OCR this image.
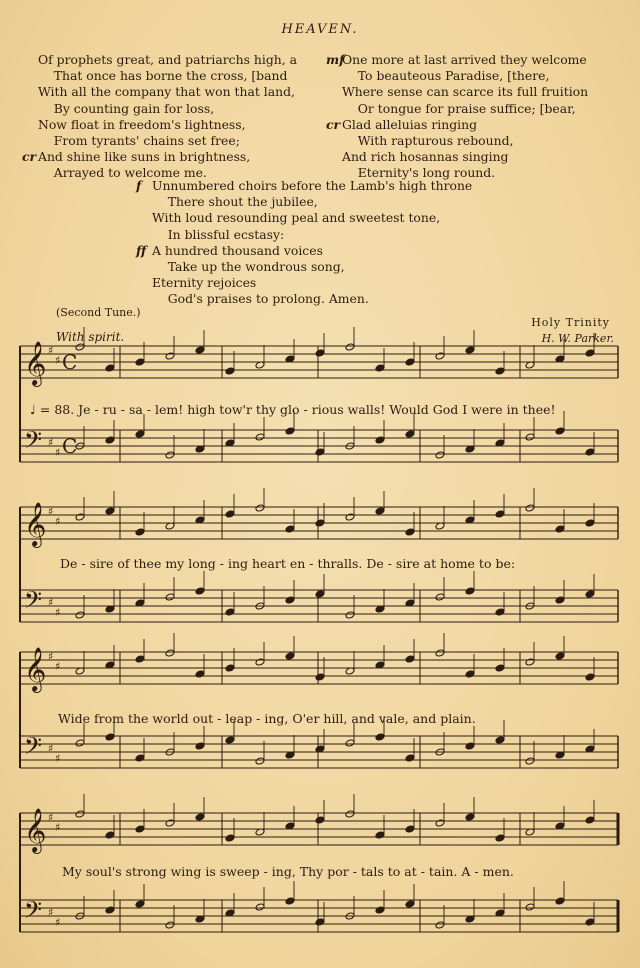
HEAVEN.
Of prophets great, and patriarchs high, a
That once has borne the cross, [band
With all the company that won that land,
By counting gain for loss,
Now float in freedom's lightness,
From tyrants' chains set free;
cr And shine like suns in brightness,
Arrayed to welcome me.
mfOne more at last arrived they welcome
To beauteous Paradise, [there,
Where sense can scarce its full fruition
Or tongue for praise suffice; [bear,
cr Glad alleluias ringing
With rapturous rebound,
And rich hosannas singing
Eternity's long round.
f Unnumbered choirs before the Lamb's high throne
There shout the jubilee,
With loud resounding peal and sweetest tone,
In blissful ecstasy:
ff A hundred thousand voices
Take up the wondrous song,
Eternity rejoices
God's praises to prolong. Amen.
(Second Tune.)
With spirit.
Holy Trinity
H. W. Parker.
𝄞 ♯
♯
𝄢 ♯
♯
𝄞 ♯
♯
𝄢 ♯
♯
𝄞 ♯
♯
𝄢 ♯
♯
𝄞 ♯
♯
𝄢 ♯
♯
C
C
♩ = 88. Je - ru - sa - lem! high tow'r thy glo - rious walls! Would God I were in thee!
De - sire of thee my long - ing heart en - thralls. De - sire at home to be:
Wide from the world out - leap - ing, O'er hill, and vale, and plain.
My soul's strong wing is sweep - ing, Thy por - tals to at - tain. A - men.
